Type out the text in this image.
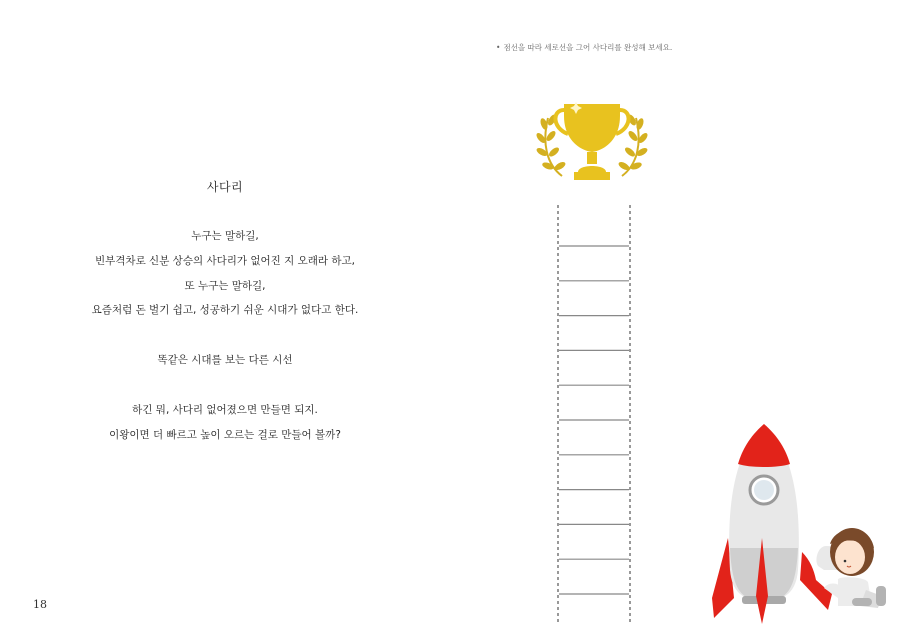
사다리
누구는 말하길,
빈부격차로 신분 상승의 사다리가 없어진 지 오래라 하고,
또 누구는 말하길,
요즘처럼 돈 벌기 쉽고, 성공하기 쉬운 시대가 없다고 한다.
똑같은 시대를 보는 다른 시선
하긴 뭐, 사다리 없어졌으면 만들면 되지.
이왕이면 더 빠르고 높이 오르는 걸로 만들어 볼까?
18
• 점선을 따라 세로선을 그어 사다리를 완성해 보세요.
